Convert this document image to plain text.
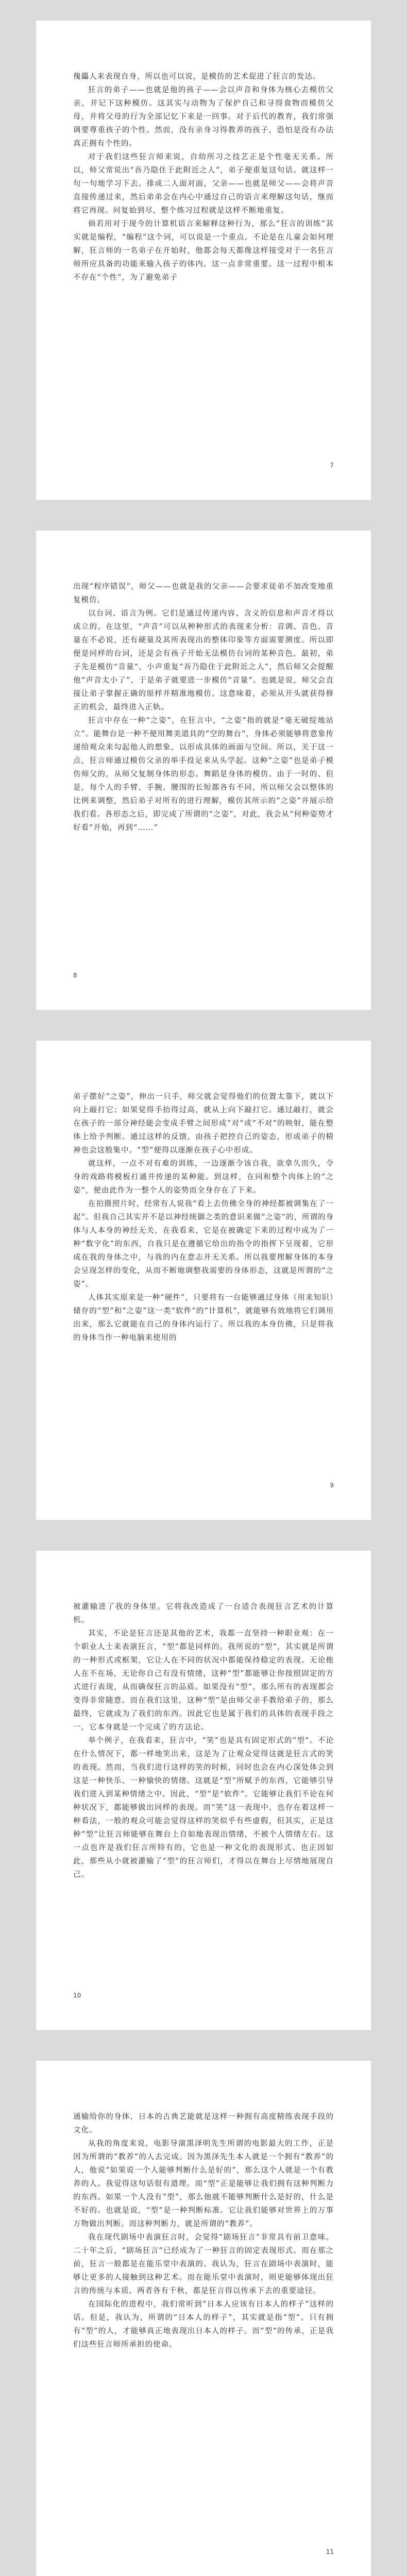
傀儡人来表现自身，所以也可以说，是模仿的艺术促进了狂言的发达。

狂言的弟子——也就是他的孩子——会以声音和身体为核心去模仿父亲，并记下这种模仿。这其实与动物为了保护自己和寻得食物而模仿父母，并将父母的行为全部记忆下来是一回事。对于后代的教育，我们常强调要尊重孩子的个性。然而，没有亲身习得教养的孩子，恐怕是没有办法真正拥有个性的。

对于我们这些狂言师来说，自幼所习之技艺正是个性毫无关系。所以，师父常说出“吾乃隐住于此附近之人”，弟子便重复这句话。就这样一句一句地学习下去。排成二人面对面，父亲——也就是师父——会将声音直接传递过来，然后弟弟会在内心中通过自己的语言来理解这句话，继而将它再现。同复始到尽，整个练习过程就是这样不断地重复。

倘若用对于现今的计算机语言来解释这种行为，那么“狂言的训练”其实就是编程，“编程”这个词，可以说是一个重点。不论是在儿童会如何理解，狂言师的一名弟子在开始时，他都会每天都像这样接受对于一名狂言师所应具备的功能来输入孩子的体内。这一点非常重要。这一过程中根本不存在“个性”，为了避免弟子

7

出现“程序错误”，师父——也就是我的父亲——会要求徒弟不加改变地重复模仿。

以台词、语言为例。它们是通过传递内容、含义的信息和声音才得以成立的。在这里，“声音”可以从种种形式的表现来分析：音调、音色、音量在不必说，还有硬量及其所表现出的整体印象等方面需要测度。所以即便是同样的台词，还是会有孩子开始无法模仿台词的某种音色，最初，弟子先是模仿“音量”，小声重复“吾乃隐住于此附近之人”，然后师父会提醒他“声音太小了”，于是弟子就要进一步模仿“音量”。也就是说，师父会直接让弟子掌握正确的原样并精准地模仿。这意味着，必须从开头就获得修正的机会，最终进入正轨。

狂言中存在一种“之姿”，在狂言中，“之姿”指的就是“毫无破绽地站立”。能舞台是一种不便用舞美道具的“空的舞台”，身体必须能够将意象传递给观众来勾起他人的想象，以形成具体的画面与空间。所以，关于这一点，狂言师通过模仿父亲的举手投足来从头学起。这种“之姿”也是弟子模仿师父的，从师父复制身体的形态。舞蹈是身体的模仿。由于一时的、但是，每个人的手臂、手腕、腰围的长短都各有不同，所以师父会以整体的比例来调整，然后弟子对所有的进行理解，模仿其所示的“之姿”并展示给我们看。各形态之后，即完成了所谓的“之姿”，对此，我会从“何种姿势才好看”开始，再到“……”

8

弟子摆好“之姿”，伸出一只手，师父就会觉得他们的位置太靠下，就以下向上敲打它；如果觉得手抬得过高，就从上向下敲打它。通过敲打，就会在孩子的一部分神经能会变成手臂之间形成“对”或“不对”的映射，能在整体上给予判断。通过这样的反馈，由孩子把控自己的姿态，形成弟子的精神也会这般集中。“型”便得以逐渐在孩子心中形成。

就这样，一点不对有难的训练，一边逐渐令该自我，欲拿久而久，令身的戏路将模板打通并传递的某种能。到这样，在同和整个肉体上的“之姿”，便由此作为一整个人的姿势而全身存在了下来。

在拍摄照片时，经常有人说我“看上去仿佛全身的神经都被调集在了一起”。但我自己其实并不是以神经统御之类的意识来做“之姿”的，所谓的身体与人本身的神经无关，在我看来，它是在被确定下来的过程中成为了一种“数字化”的东西，自我只是在遵循它给出的指令的指挥下呈现着，它形成在我的身体之中，与我的内在意志并无关系。所以我要理解身体的本身会呈现怎样的变化，从而不断地调整我需要的身体形态，这就是所谓的“之姿”。

人体其实原来是一种“硬件”，只要将有一台能够通过身体（用来知识）储存的“型”和“之姿”这一类“软件”的“计算机”，就能够有效地将它们调用出来，那么它就能在自己的身体内运行了。所以我的本身仿佛，只是将我的身体当作一种电脑来使用的

9

被灌输进了我的身体里。它将我改造成了一台适合表现狂言艺术的计算机。

其实，不论是狂言还是其他的艺术，我都一直坚持一种职业观：在一个职业人士来表演狂言，“型”都是同样的。我所说的“型”，其实就是所谓的一种形式或框架，它让人在不同的状况中都能保持稳定的表现。无论他人在不在场，无论你自己有没有情绪，这种“型”都能够让你按照固定的方式进行表现，从而确保狂言的品质。如果没有“型”，那么所有的表现都会变得非常随意。而在我们这里，这种“型”是由师父亲手教给弟子的，那么最终，它就成为了我们的东西。因此它也是属于我们的具体的表现手段之一，它本身就是一个完成了的方法论。

举个例子，在我看来，狂言中，“笑”也是具有固定形式的“型”。不论在什么情况下，都一样地笑出来，这是为了让观众觉得这就是狂言式的笑的表现。然而，当我们进行这样的笑的时候，同时也会在内心深处体会到这是一种快乐、一种愉快的情绪。这就是“型”所赋予的东西，它能够引导我们进入到某种情绪之中。因此，“型”是“软件”。它能够让我们不论在何种状况下，都能够做出同样的表现。而“笑”这一表现中，也存在着这样一种看法，一般的观众可能会觉得这样的笑似乎有些虚假，但其实，正是这种“型”让狂言师能够在舞台上自如地表现出情绪，不被个人情绪左右。这一点也许是我们狂言所特有的，它也是一种文化的表现形式。也正因如此，那些从小就被灌输了“型”的狂言师们，才得以在舞台上尽情地展现自己。

10

通输给你的身体，日本的古典艺能就是这样一种拥有高度精练表现手段的文化。

从我的角度来说，电影导演黑泽明先生所谓的电影最大的工作，正是因为所谓的“教养”的人去完成。因为黑泽先生本人就是一个拥有“教养”的人，他说“如果说一个人能够判断什么是好的”，那么这个人就是一个有教养的人。我觉得这句话很有道理。而“型”正是能够让我们拥有这种判断力的东西。如果一个人没有“型”，那么他就不能够判断什么是好的，什么是不好的。也就是说，“型”是一种判断标准。它让我们能够对世界上的万事万物做出判断。而这种判断力，就是所谓的“教养”。

我在现代剧场中表演狂言时，会觉得“剧场狂言”非常具有前卫意味。二十年之后，“剧场狂言”已经成为了一种狂言的固定表现形式。而在那之前，狂言一般都是在能乐堂中表演的。我认为，狂言在剧场中表演时，能够让更多的人接触到这种艺术。而在能乐堂中表演时，则更能够体现出狂言的传统与本质。两者各有千秋，都是狂言得以传承下去的重要途径。

在国际化的进程中，我们常听到“日本人应该有日本人的样子”这样的话。但是，我认为，所谓的“日本人的样子”，其实就是指“型”。只有拥有“型”的人，才能够真正地表现出日本人的样子。而“型”的传承，正是我们这些狂言师所承担的使命。

11
